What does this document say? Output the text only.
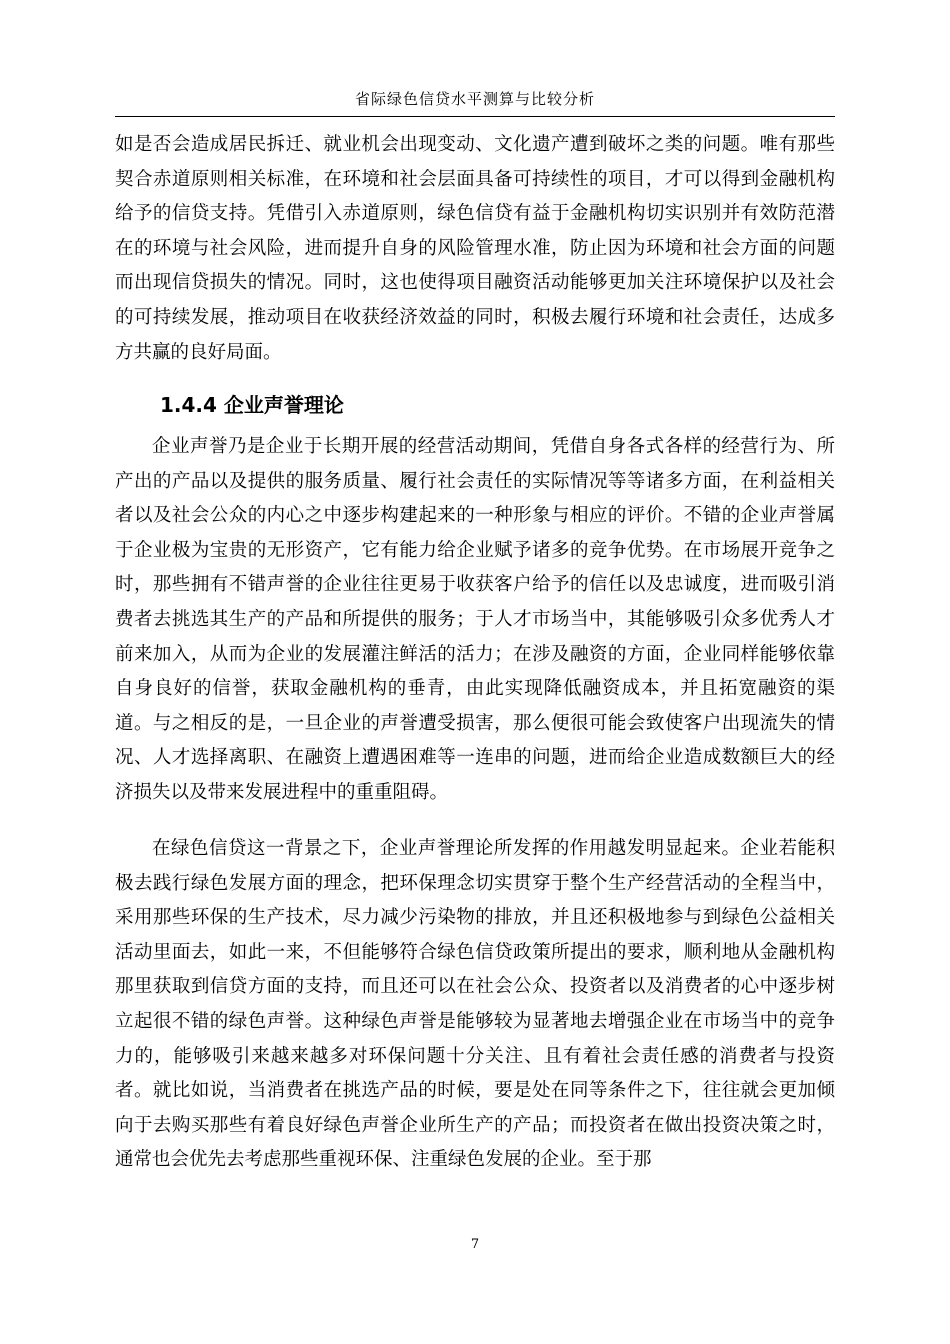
省际绿色信贷水平测算与比较分析

如是否会造成居民拆迁、就业机会出现变动、文化遗产遭到破坏之类的问题。唯有那些契合赤道原则相关标准，在环境和社会层面具备可持续性的项目，才可以得到金融机构给予的信贷支持。凭借引入赤道原则，绿色信贷有益于金融机构切实识别并有效防范潜在的环境与社会风险，进而提升自身的风险管理水准，防止因为环境和社会方面的问题而出现信贷损失的情况。同时，这也使得项目融资活动能够更加关注环境保护以及社会的可持续发展，推动项目在收获经济效益的同时，积极去履行环境和社会责任，达成多方共赢的良好局面。

1.4.4 企业声誉理论

企业声誉乃是企业于长期开展的经营活动期间，凭借自身各式各样的经营行为、所产出的产品以及提供的服务质量、履行社会责任的实际情况等等诸多方面，在利益相关者以及社会公众的内心之中逐步构建起来的一种形象与相应的评价。不错的企业声誉属于企业极为宝贵的无形资产，它有能力给企业赋予诸多的竞争优势。在市场展开竞争之时，那些拥有不错声誉的企业往往更易于收获客户给予的信任以及忠诚度，进而吸引消费者去挑选其生产的产品和所提供的服务；于人才市场当中，其能够吸引众多优秀人才前来加入，从而为企业的发展灌注鲜活的活力；在涉及融资的方面，企业同样能够依靠自身良好的信誉，获取金融机构的垂青，由此实现降低融资成本，并且拓宽融资的渠道。与之相反的是，一旦企业的声誉遭受损害，那么便很可能会致使客户出现流失的情况、人才选择离职、在融资上遭遇困难等一连串的问题，进而给企业造成数额巨大的经济损失以及带来发展进程中的重重阻碍。

在绿色信贷这一背景之下，企业声誉理论所发挥的作用越发明显起来。企业若能积极去践行绿色发展方面的理念，把环保理念切实贯穿于整个生产经营活动的全程当中，采用那些环保的生产技术，尽力减少污染物的排放，并且还积极地参与到绿色公益相关活动里面去，如此一来，不但能够符合绿色信贷政策所提出的要求，顺利地从金融机构那里获取到信贷方面的支持，而且还可以在社会公众、投资者以及消费者的心中逐步树立起很不错的绿色声誉。这种绿色声誉是能够较为显著地去增强企业在市场当中的竞争力的，能够吸引来越来越多对环保问题十分关注、且有着社会责任感的消费者与投资者。就比如说，当消费者在挑选产品的时候，要是处在同等条件之下，往往就会更加倾向于去购买那些有着良好绿色声誉企业所生产的产品；而投资者在做出投资决策之时，通常也会优先去考虑那些重视环保、注重绿色发展的企业。至于那

7
